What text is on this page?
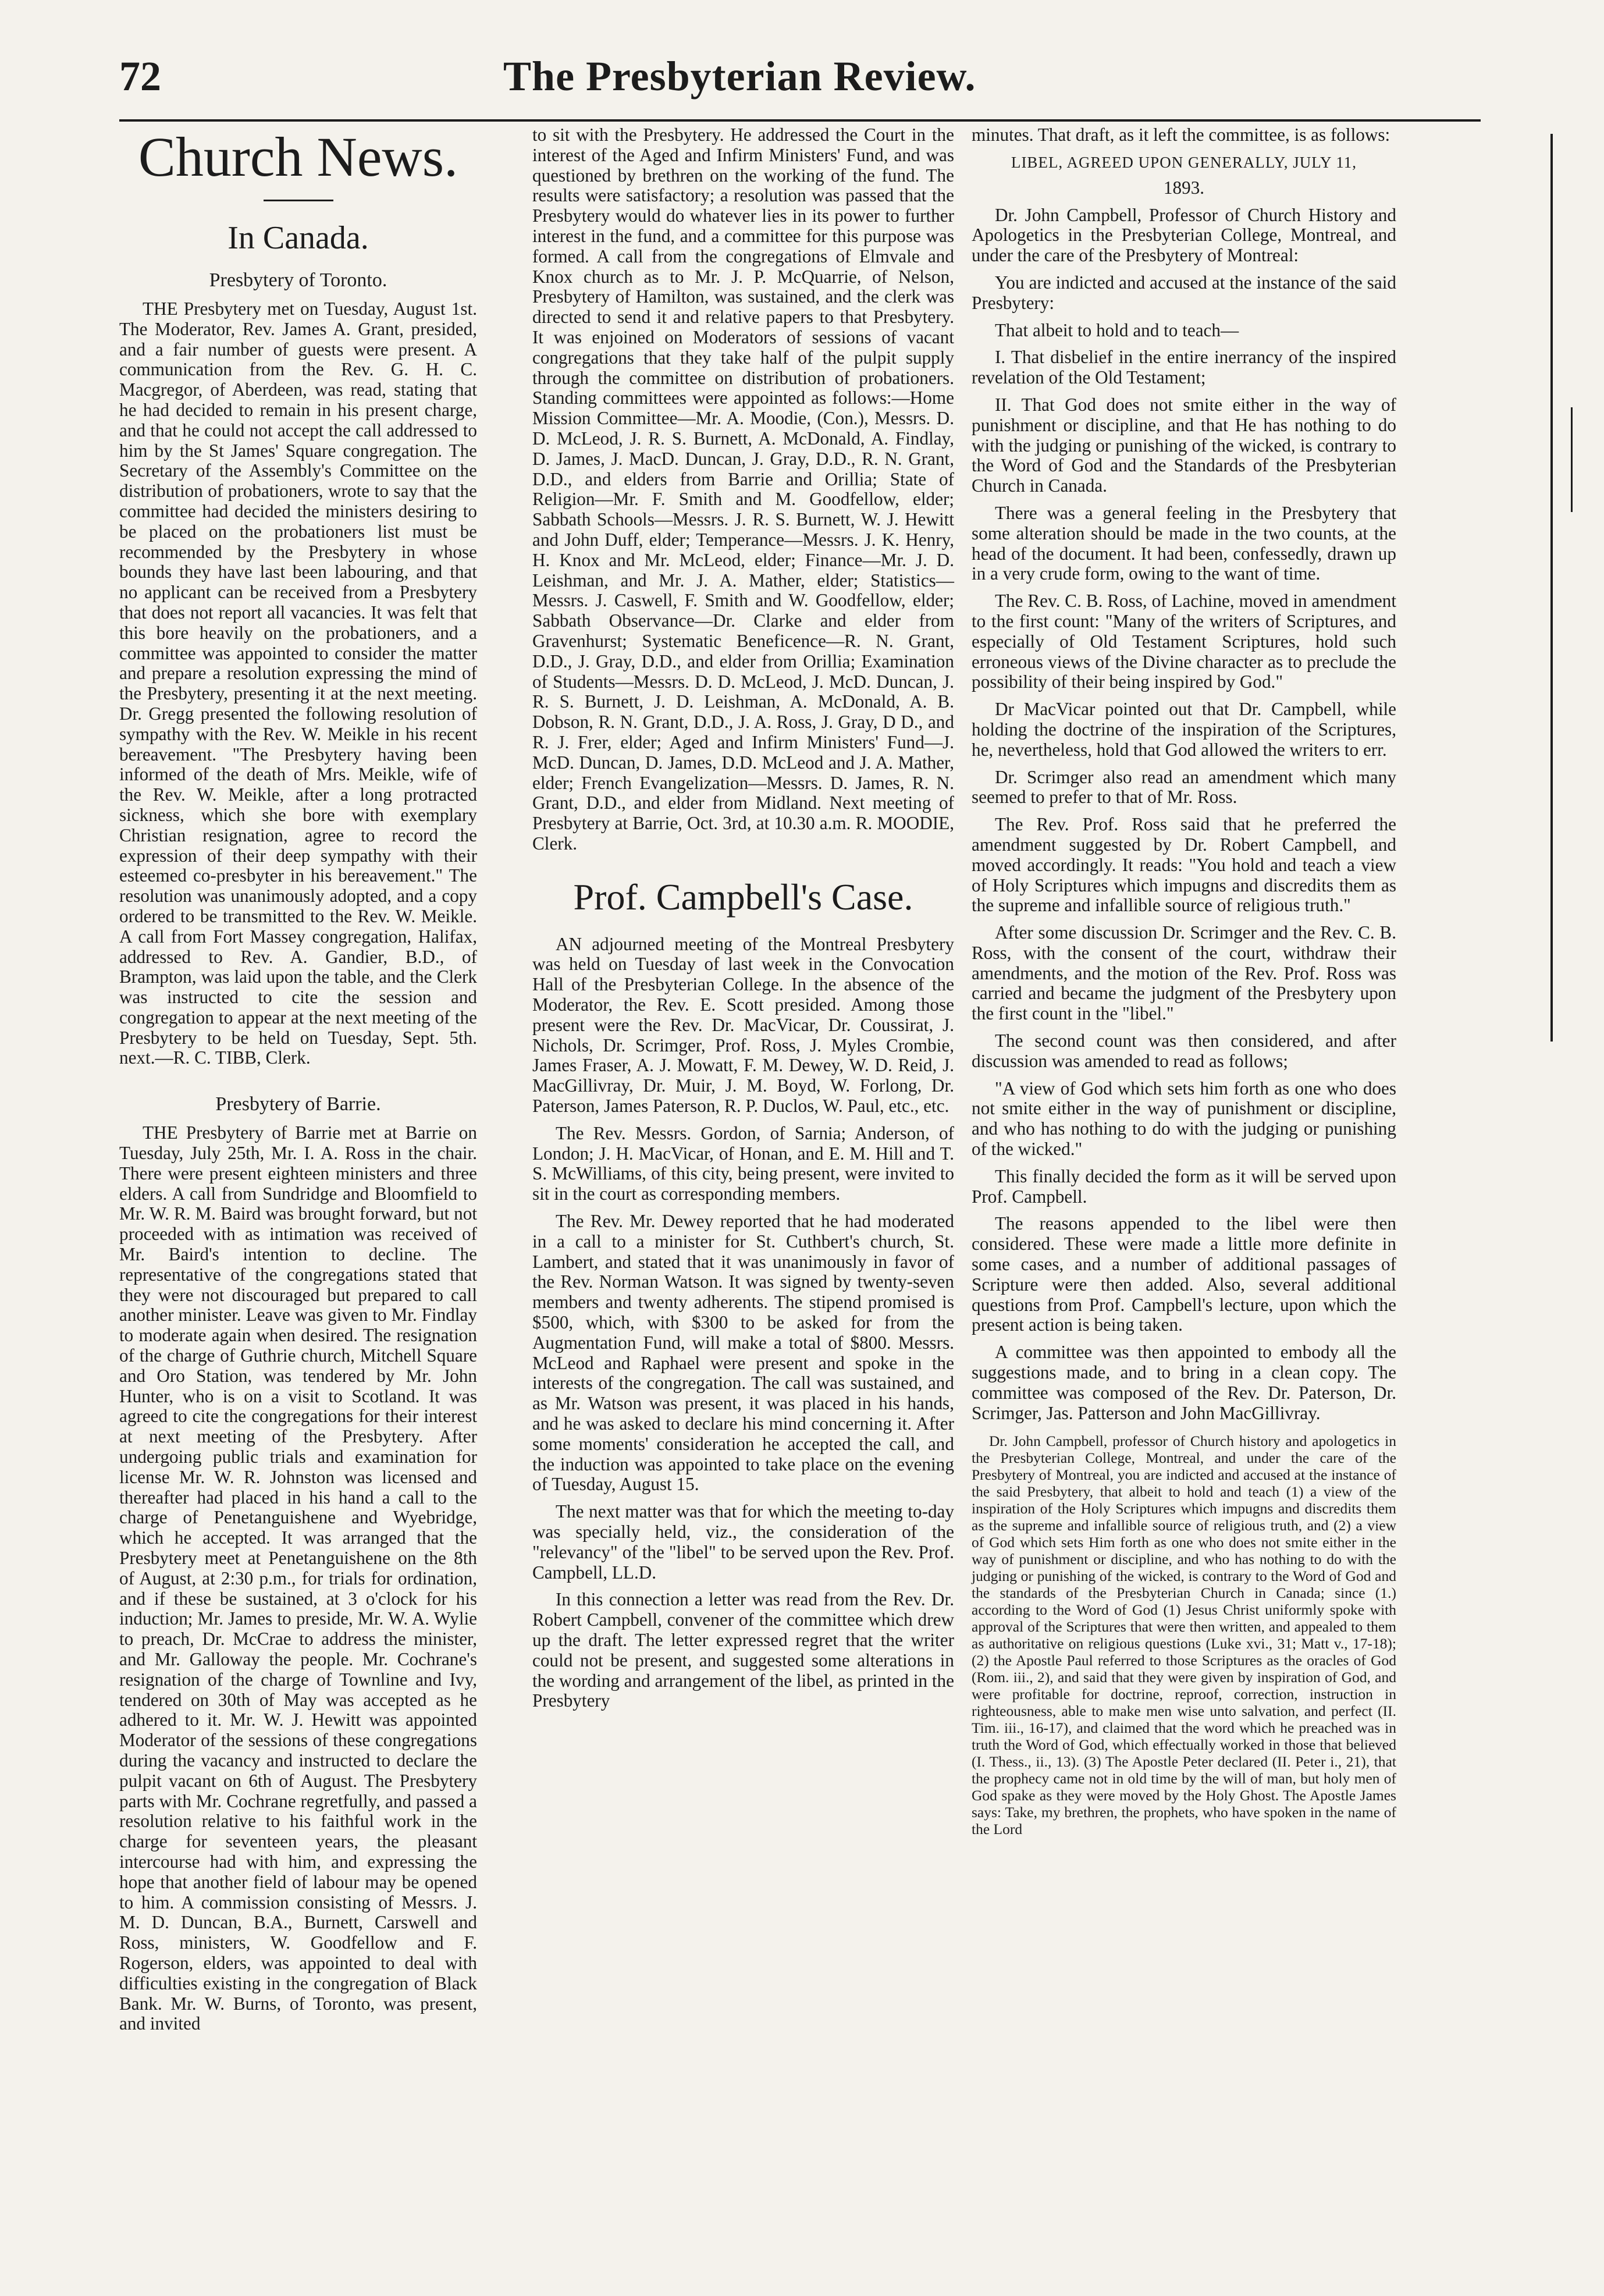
72	The Presbyterian Review.
Church News.
In Canada.
Presbytery of Toronto.

THE Presbytery met on Tuesday, August 1st. The Moderator, Rev. James A. Grant, presided, and a fair number of guests were present. A communication from the Rev. G. H. C. Macgregor, of Aberdeen, was read, stating that he had decided to remain in his present charge, and that he could not accept the call addressed to him by the St James' Square congregation. The Secretary of the Assembly's Committee on the distribution of probationers, wrote to say that the committee had decided the ministers desiring to be placed on the probationers list must be recommended by the Presbytery in whose bounds they have last been labouring, and that no applicant can be received from a Presbytery that does not report all vacancies. It was felt that this bore heavily on the probationers, and a committee was appointed to consider the matter and prepare a resolution expressing the mind of the Presbytery, presenting it at the next meeting. Dr. Gregg presented the following resolution of sympathy with the Rev. W. Meikle in his recent bereavement. "The Presbytery having been informed of the death of Mrs. Meikle, wife of the Rev. W. Meikle, after a long protracted sickness, which she bore with exemplary Christian resignation, agree to record the expression of their deep sympathy with their esteemed co-presbyter in his bereavement." The resolution was unanimously adopted, and a copy ordered to be transmitted to the Rev. W. Meikle. A call from Fort Massey congregation, Halifax, addressed to Rev. A. Gandier, B.D., of Brampton, was laid upon the table, and the Clerk was instructed to cite the session and congregation to appear at the next meeting of the Presbytery to be held on Tuesday, Sept. 5th. next.—R. C. TIBB, Clerk.

Presbytery of Barrie.

THE Presbytery of Barrie met at Barrie on Tuesday, July 25th, Mr. I. A. Ross in the chair. There were present eighteen ministers and three elders. A call from Sundridge and Bloomfield to Mr. W. R. M. Baird was brought forward, but not proceeded with as intimation was received of Mr. Baird's intention to decline. The representative of the congregations stated that they were not discouraged but prepared to call another minister. Leave was given to Mr. Findlay to moderate again when desired. The resignation of the charge of Guthrie church, Mitchell Square and Oro Station, was tendered by Mr. John Hunter, who is on a visit to Scotland. It was agreed to cite the congregations for their interest at next meeting of the Presbytery. After undergoing public trials and examination for license Mr. W. R. Johnston was licensed and thereafter had placed in his hand a call to the charge of Penetanguishene and Wyebridge, which he accepted. It was arranged that the Presbytery meet at Penetanguishene on the 8th of August, at 2:30 p.m., for trials for ordination, and if these be sustained, at 3 o'clock for his induction; Mr. James to preside, Mr. W. A. Wylie to preach, Dr. McCrae to address the minister, and Mr. Galloway the people. Mr. Cochrane's resignation of the charge of Townline and Ivy, tendered on 30th of May was accepted as he adhered to it. Mr. W. J. Hewitt was appointed Moderator of the sessions of these congregations during the vacancy and instructed to declare the pulpit vacant on 6th of August. The Presbytery parts with Mr. Cochrane regretfully, and passed a resolution relative to his faithful work in the charge for seventeen years, the pleasant intercourse had with him, and expressing the hope that another field of labour may be opened to him. A commission consisting of Messrs. J. M. D. Duncan, B.A., Burnett, Carswell and Ross, ministers, W. Goodfellow and F. Rogerson, elders, was appointed to deal with difficulties existing in the congregation of Black Bank. Mr. W. Burns, of Toronto, was present, and invited

to sit with the Presbytery. He addressed the Court in the interest of the Aged and Infirm Ministers' Fund, and was questioned by brethren on the working of the fund. The results were satisfactory; a resolution was passed that the Presbytery would do whatever lies in its power to further interest in the fund, and a committee for this purpose was formed. A call from the congregations of Elmvale and Knox church as to Mr. J. P. McQuarrie, of Nelson, Presbytery of Hamilton, was sustained, and the clerk was directed to send it and relative papers to that Presbytery. It was enjoined on Moderators of sessions of vacant congregations that they take half of the pulpit supply through the committee on distribution of probationers. Standing committees were appointed as follows:—Home Mission Committee—Mr. A. Moodie, (Con.), Messrs. D. D. McLeod, J. R. S. Burnett, A. McDonald, A. Findlay, D. James, J. MacD. Duncan, J. Gray, D.D., R. N. Grant, D.D., and elders from Barrie and Orillia; State of Religion—Mr. F. Smith and M. Goodfellow, elder; Sabbath Schools—Messrs. J. R. S. Burnett, W. J. Hewitt and John Duff, elder; Temperance—Messrs. J. K. Henry, H. Knox and Mr. McLeod, elder; Finance—Mr. J. D. Leishman, and Mr. J. A. Mather, elder; Statistics—Messrs. J. Caswell, F. Smith and W. Goodfellow, elder; Sabbath Observance—Dr. Clarke and elder from Gravenhurst; Systematic Beneficence—R. N. Grant, D.D., J. Gray, D.D., and elder from Orillia; Examination of Students—Messrs. D. D. McLeod, J. McD. Duncan, J. R. S. Burnett, J. D. Leishman, A. McDonald, A. B. Dobson, R. N. Grant, D.D., J. A. Ross, J. Gray, D D., and R. J. Frer, elder; Aged and Infirm Ministers' Fund—J. McD. Duncan, D. James, D.D. McLeod and J. A. Mather, elder; French Evangelization—Messrs. D. James, R. N. Grant, D.D., and elder from Midland. Next meeting of Presbytery at Barrie, Oct. 3rd, at 10.30 a.m. R. MOODIE, Clerk.

Prof. Campbell's Case.

AN adjourned meeting of the Montreal Presbytery was held on Tuesday of last week in the Convocation Hall of the Presbyterian College. In the absence of the Moderator, the Rev. E. Scott presided. Among those present were the Rev. Dr. MacVicar, Dr. Coussirat, J. Nichols, Dr. Scrimger, Prof. Ross, J. Myles Crombie, James Fraser, A. J. Mowatt, F. M. Dewey, W. D. Reid, J. MacGillivray, Dr. Muir, J. M. Boyd, W. Forlong, Dr. Paterson, James Paterson, R. P. Duclos, W. Paul, etc., etc.

The Rev. Messrs. Gordon, of Sarnia; Anderson, of London; J. H. MacVicar, of Honan, and E. M. Hill and T. S. McWilliams, of this city, being present, were invited to sit in the court as corresponding members.

The Rev. Mr. Dewey reported that he had moderated in a call to a minister for St. Cuthbert's church, St. Lambert, and stated that it was unanimously in favor of the Rev. Norman Watson. It was signed by twenty-seven members and twenty adherents. The stipend promised is $500, which, with $300 to be asked for from the Augmentation Fund, will make a total of $800. Messrs. McLeod and Raphael were present and spoke in the interests of the congregation. The call was sustained, and as Mr. Watson was present, it was placed in his hands, and he was asked to declare his mind concerning it. After some moments' consideration he accepted the call, and the induction was appointed to take place on the evening of Tuesday, August 15.

The next matter was that for which the meeting to-day was specially held, viz., the consideration of the "relevancy" of the "libel" to be served upon the Rev. Prof. Campbell, LL.D.

In this connection a letter was read from the Rev. Dr. Robert Campbell, convener of the committee which drew up the draft. The letter expressed regret that the writer could not be present, and suggested some alterations in the wording and arrangement of the libel, as printed in the Presbytery

minutes. That draft, as it left the committee, is as follows:

LIBEL, AGREED UPON GENERALLY, JULY 11,
1893.

Dr. John Campbell, Professor of Church History and Apologetics in the Presbyterian College, Montreal, and under the care of the Presbytery of Montreal:

You are indicted and accused at the instance of the said Presbytery:

That albeit to hold and to teach—

I. That disbelief in the entire inerrancy of the inspired revelation of the Old Testament;

II. That God does not smite either in the way of punishment or discipline, and that He has nothing to do with the judging or punishing of the wicked, is contrary to the Word of God and the Standards of the Presbyterian Church in Canada.

There was a general feeling in the Presbytery that some alteration should be made in the two counts, at the head of the document. It had been, confessedly, drawn up in a very crude form, owing to the want of time.

The Rev. C. B. Ross, of Lachine, moved in amendment to the first count: "Many of the writers of Scriptures, and especially of Old Testament Scriptures, hold such erroneous views of the Divine character as to preclude the possibility of their being inspired by God."

Dr MacVicar pointed out that Dr. Campbell, while holding the doctrine of the inspiration of the Scriptures, he, nevertheless, hold that God allowed the writers to err.

Dr. Scrimger also read an amendment which many seemed to prefer to that of Mr. Ross.

The Rev. Prof. Ross said that he preferred the amendment suggested by Dr. Robert Campbell, and moved accordingly. It reads: "You hold and teach a view of Holy Scriptures which impugns and discredits them as the supreme and infallible source of religious truth."

After some discussion Dr. Scrimger and the Rev. C. B. Ross, with the consent of the court, withdraw their amendments, and the motion of the Rev. Prof. Ross was carried and became the judgment of the Presbytery upon the first count in the "libel."

The second count was then considered, and after discussion was amended to read as follows;

"A view of God which sets him forth as one who does not smite either in the way of punishment or discipline, and who has nothing to do with the judging or punishing of the wicked."

This finally decided the form as it will be served upon Prof. Campbell.

The reasons appended to the libel were then considered. These were made a little more definite in some cases, and a number of additional passages of Scripture were then added. Also, several additional questions from Prof. Campbell's lecture, upon which the present action is being taken.

A committee was then appointed to embody all the suggestions made, and to bring in a clean copy. The committee was composed of the Rev. Dr. Paterson, Dr. Scrimger, Jas. Patterson and John MacGillivray.

Dr. John Campbell, professor of Church history and apologetics in the Presbyterian College, Montreal, and under the care of the Presbytery of Montreal, you are indicted and accused at the instance of the said Presbytery, that albeit to hold and teach (1) a view of the inspiration of the Holy Scriptures which impugns and discredits them as the supreme and infallible source of religious truth, and (2) a view of God which sets Him forth as one who does not smite either in the way of punishment or discipline, and who has nothing to do with the judging or punishing of the wicked, is contrary to the Word of God and the standards of the Presbyterian Church in Canada; since (1.) according to the Word of God (1) Jesus Christ uniformly spoke with approval of the Scriptures that were then written, and appealed to them as authoritative on religious questions (Luke xvi., 31; Matt v., 17-18); (2) the Apostle Paul referred to those Scriptures as the oracles of God (Rom. iii., 2), and said that they were given by inspiration of God, and were profitable for doctrine, reproof, correction, instruction in righteousness, able to make men wise unto salvation, and perfect (II. Tim. iii., 16-17), and claimed that the word which he preached was in truth the Word of God, which effectually worked in those that believed (I. Thess., ii., 13). (3) The Apostle Peter declared (II. Peter i., 21), that the prophecy came not in old time by the will of man, but holy men of God spake as they were moved by the Holy Ghost. The Apostle James says: Take, my brethren, the prophets, who have spoken in the name of the Lord
